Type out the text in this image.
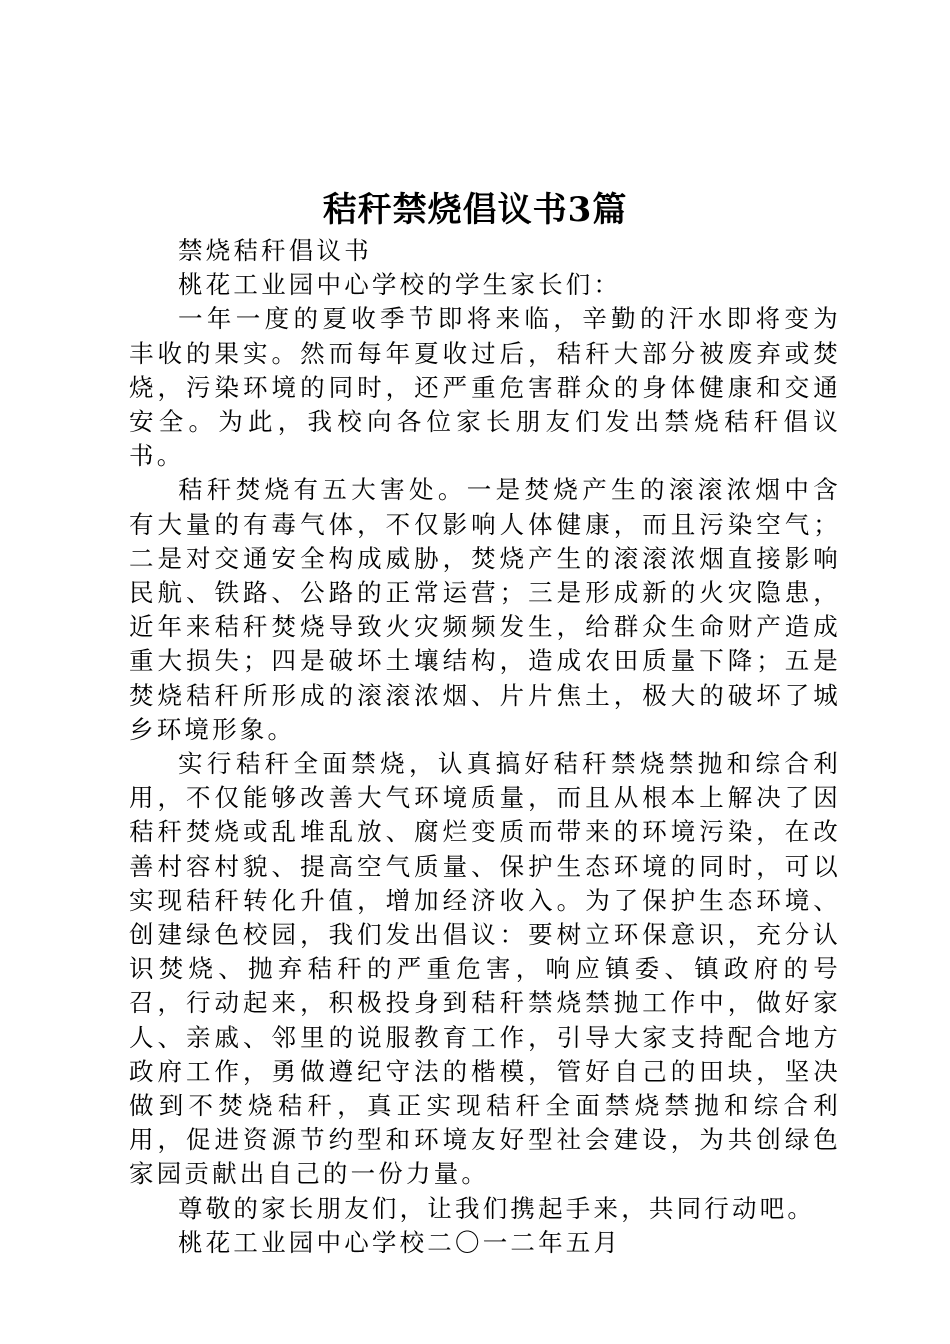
秸秆禁烧倡议书3篇

禁烧秸秆倡议书

桃花工业园中心学校的学生家长们：

一年一度的夏收季节即将来临，辛勤的汗水即将变为丰收的果实。然而每年夏收过后，秸秆大部分被废弃或焚烧，污染环境的同时，还严重危害群众的身体健康和交通安全。为此，我校向各位家长朋友们发出禁烧秸秆倡议书。

秸秆焚烧有五大害处。一是焚烧产生的滚滚浓烟中含有大量的有毒气体，不仅影响人体健康，而且污染空气；二是对交通安全构成威胁，焚烧产生的滚滚浓烟直接影响民航、铁路、公路的正常运营；三是形成新的火灾隐患，近年来秸秆焚烧导致火灾频频发生，给群众生命财产造成重大损失；四是破坏土壤结构，造成农田质量下降；五是焚烧秸秆所形成的滚滚浓烟、片片焦土，极大的破坏了城乡环境形象。

实行秸秆全面禁烧，认真搞好秸秆禁烧禁抛和综合利用，不仅能够改善大气环境质量，而且从根本上解决了因秸秆焚烧或乱堆乱放、腐烂变质而带来的环境污染，在改善村容村貌、提高空气质量、保护生态环境的同时，可以实现秸秆转化升值，增加经济收入。为了保护生态环境、创建绿色校园，我们发出倡议：要树立环保意识，充分认识焚烧、抛弃秸秆的严重危害，响应镇委、镇政府的号召，行动起来，积极投身到秸秆禁烧禁抛工作中，做好家人、亲戚、邻里的说服教育工作，引导大家支持配合地方政府工作，勇做遵纪守法的楷模，管好自己的田块，坚决做到不焚烧秸秆，真正实现秸秆全面禁烧禁抛和综合利用，促进资源节约型和环境友好型社会建设，为共创绿色家园贡献出自己的一份力量。

尊敬的家长朋友们，让我们携起手来，共同行动吧。

桃花工业园中心学校二〇一二年五月
